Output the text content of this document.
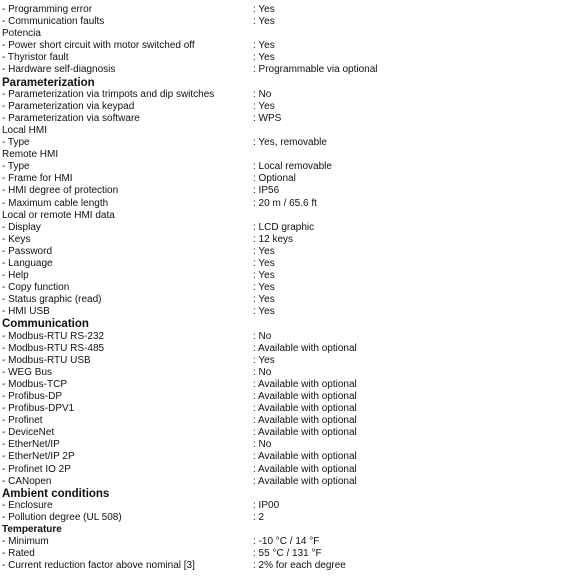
- Programming error	: Yes
- Communication faults	: Yes
Potencia
- Power short circuit with motor switched off	: Yes
- Thyristor fault	: Yes
- Hardware self-diagnosis	: Programmable via optional
Parameterization
- Parameterization via trimpots and dip switches	: No
- Parameterization via keypad	: Yes
- Parameterization via software	: WPS
Local HMI
- Type	: Yes, removable
Remote HMI
- Type	: Local removable
- Frame for HMI	: Optional
- HMI degree of protection	: IP56
- Maximum cable length	: 20 m / 65.6 ft
Local or remote HMI data
- Display	: LCD graphic
- Keys	: 12 keys
- Password	: Yes
- Language	: Yes
- Help	: Yes
- Copy function	: Yes
- Status graphic (read)	: Yes
- HMI USB	: Yes
Communication
- Modbus-RTU RS-232	: No
- Modbus-RTU RS-485	: Available with optional
- Modbus-RTU USB	: Yes
- WEG Bus	: No
- Modbus-TCP	: Available with optional
- Profibus-DP	: Available with optional
- Profibus-DPV1	: Available with optional
- Profinet	: Available with optional
- DeviceNet	: Available with optional
- EtherNet/IP	: No
- EtherNet/IP 2P	: Available with optional
- Profinet IO 2P	: Available with optional
- CANopen	: Available with optional
Ambient conditions
- Enclosure	: IP00
- Pollution degree (UL 508)	: 2
Temperature
- Minimum	: -10 °C / 14 °F
- Rated	: 55 °C / 131 °F
- Current reduction factor above nominal [3]	: 2% for each degree
